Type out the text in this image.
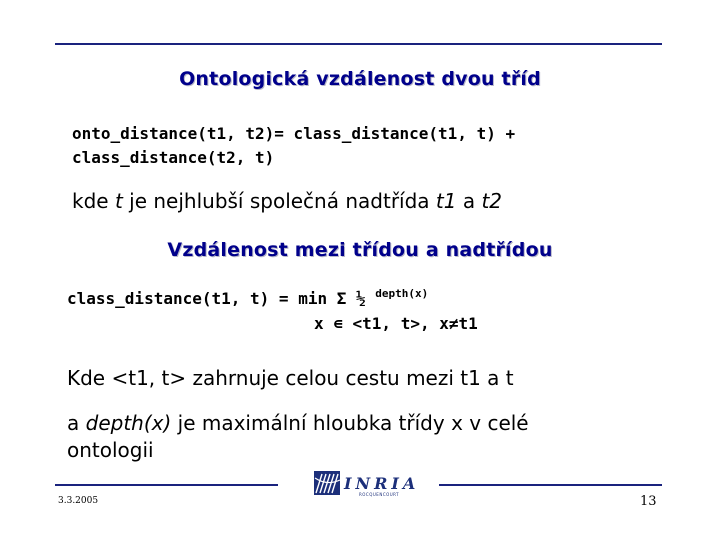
Ontologická vzdálenost dvou tříd
onto_distance(t1, t2)= class_distance(t1, t) +
class_distance(t2, t)
kde t je nejhlubší společná nadtřída t1 a t2
Vzdálenost mezi třídou a nadtřídou
class_distance(t1, t) = min Σ ½ $^{depth(x)}$
x ∊ <t1, t>, x≠t1
Kde <t1, t> zahrnuje celou cestu mezi t1 a t
a depth(x) je maximální hloubka třídy x v celé
ontologii
INRIA
ROCQUENCOURT
3.3.2005	13
